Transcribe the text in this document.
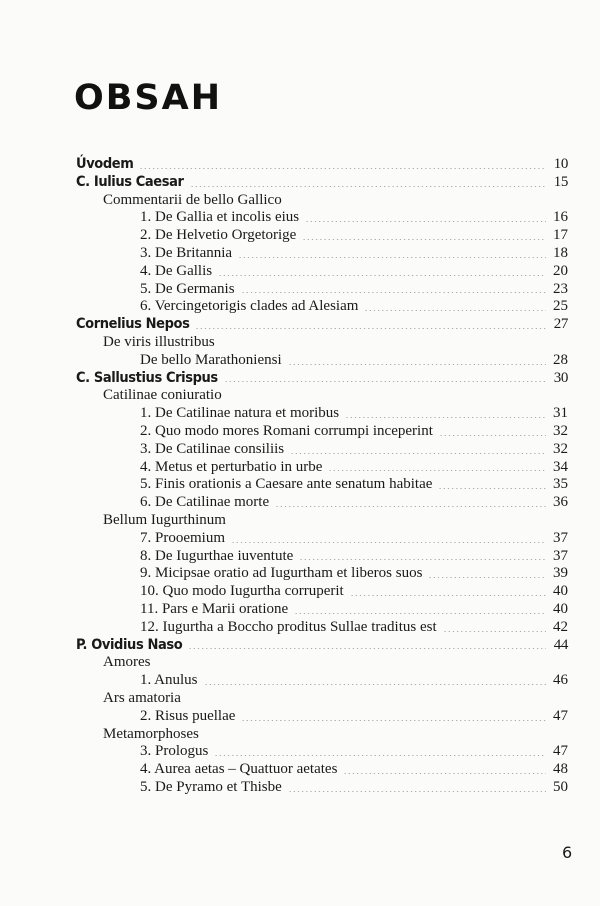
OBSAH
Úvodem	10
C. Iulius Caesar	15
Commentarii de bello Gallico
1. De Gallia et incolis eius	16
2. De Helvetio Orgetorige	17
3. De Britannia	18
4. De Gallis	20
5. De Germanis	23
6. Vercingetorigis clades ad Alesiam	25
Cornelius Nepos	27
De viris illustribus
De bello Marathoniensi	28
C. Sallustius Crispus	30
Catilinae coniuratio
1. De Catilinae natura et moribus	31
2. Quo modo mores Romani corrumpi inceperint	32
3. De Catilinae consiliis	32
4. Metus et perturbatio in urbe	34
5. Finis orationis a Caesare ante senatum habitae	35
6. De Catilinae morte	36
Bellum Iugurthinum
7. Prooemium	37
8. De Iugurthae iuventute	37
9. Micipsae oratio ad Iugurtham et liberos suos	39
10. Quo modo Iugurtha corruperit	40
11. Pars e Marii oratione	40
12. Iugurtha a Boccho proditus Sullae traditus est	42
P. Ovidius Naso	44
Amores
1. Anulus	46
Ars amatoria
2. Risus puellae	47
Metamorphoses
3. Prologus	47
4. Aurea aetas – Quattuor aetates	48
5. De Pyramo et Thisbe	50
6
